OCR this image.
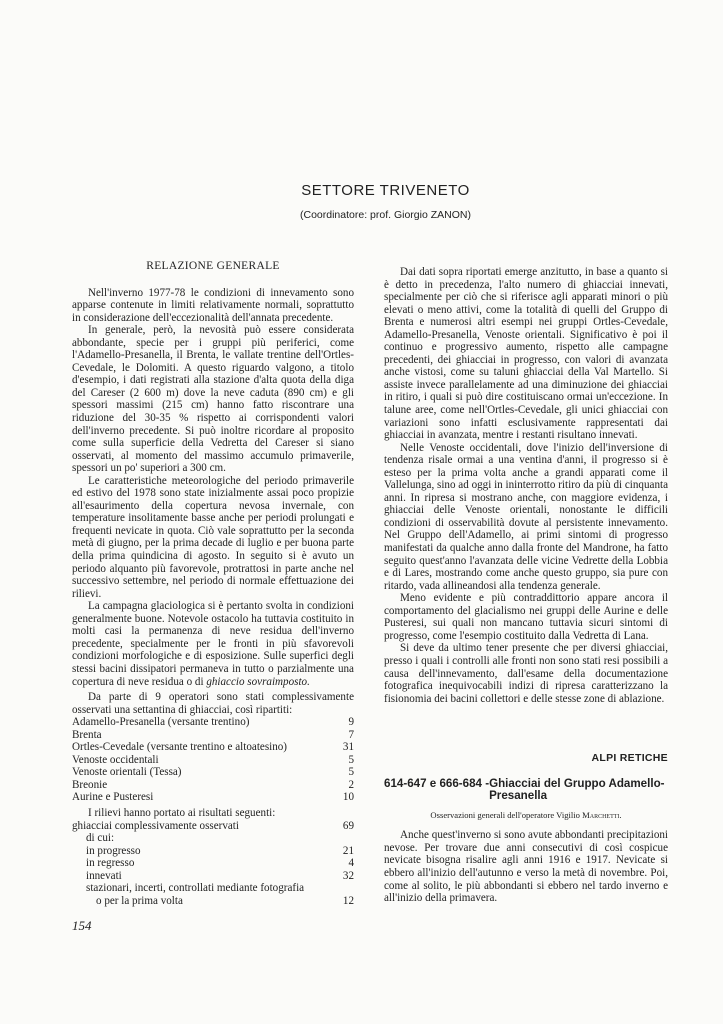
SETTORE TRIVENETO
(Coordinatore: prof. Giorgio ZANON)

RELAZIONE GENERALE

Nell'inverno 1977-78 le condizioni di innevamento sono apparse contenute in limiti relativamente normali, soprattutto in considerazione dell'eccezionalità dell'annata precedente.

In generale, però, la nevosità può essere considerata abbondante, specie per i gruppi più periferici, come l'Adamello-Presanella, il Brenta, le vallate trentine dell'Ortles-Cevedale, le Dolomiti. A questo riguardo valgono, a titolo d'esempio, i dati registrati alla stazione d'alta quota della diga del Careser (2 600 m) dove la neve caduta (890 cm) e gli spessori massimi (215 cm) hanno fatto riscontrare una riduzione del 30-35 % rispetto ai corrispondenti valori dell'inverno precedente. Si può inoltre ricordare al proposito come sulla superficie della Vedretta del Careser si siano osservati, al momento del massimo accumulo primaverile, spessori un po' superiori a 300 cm.

Le caratteristiche meteorologiche del periodo primaverile ed estivo del 1978 sono state inizialmente assai poco propizie all'esaurimento della copertura nevosa invernale, con temperature insolitamente basse anche per periodi prolungati e frequenti nevicate in quota. Ciò vale soprattutto per la seconda metà di giugno, per la prima decade di luglio e per buona parte della prima quindicina di agosto. In seguito si è avuto un periodo alquanto più favorevole, protrattosi in parte anche nel successivo settembre, nel periodo di normale effettuazione dei rilievi.

La campagna glaciologica si è pertanto svolta in condizioni generalmente buone. Notevole ostacolo ha tuttavia costituito in molti casi la permanenza di neve residua dell'inverno precedente, specialmente per le fronti in più sfavorevoli condizioni morfologiche e di esposizione. Sulle superfici degli stessi bacini dissipatori permaneva in tutto o parzialmente una copertura di neve residua o di ghiaccio sovraimposto.

Da parte di 9 operatori sono stati complessivamente osservati una settantina di ghiacciai, così ripartiti:

Adamello-Presanella (versante trentino)	9
Brenta	7
Ortles-Cevedale (versante trentino e altoatesino)	31
Venoste occidentali	5
Venoste orientali (Tessa)	5
Breonie	2
Aurine e Pusteresi	10

I rilievi hanno portato ai risultati seguenti:

ghiacciai complessivamente osservati	69
di cui:
in progresso	21
in regresso	4
innevati	32
stazionari, incerti, controllati mediante fotografia
o per la prima volta	12

Dai dati sopra riportati emerge anzitutto, in base a quanto si è detto in precedenza, l'alto numero di ghiacciai innevati, specialmente per ciò che si riferisce agli apparati minori o più elevati o meno attivi, come la totalità di quelli del Gruppo di Brenta e numerosi altri esempi nei gruppi Ortles-Cevedale, Adamello-Presanella, Venoste orientali. Significativo è poi il continuo e progressivo aumento, rispetto alle campagne precedenti, dei ghiacciai in progresso, con valori di avanzata anche vistosi, come su taluni ghiacciai della Val Martello. Si assiste invece parallelamente ad una diminuzione dei ghiacciai in ritiro, i quali si può dire costituiscano ormai un'eccezione. In talune aree, come nell'Ortles-Cevedale, gli unici ghiacciai con variazioni sono infatti esclusivamente rappresentati dai ghiacciai in avanzata, mentre i restanti risultano innevati.

Nelle Venoste occidentali, dove l'inizio dell'inversione di tendenza risale ormai a una ventina d'anni, il progresso si è esteso per la prima volta anche a grandi apparati come il Vallelunga, sino ad oggi in ininterrotto ritiro da più di cinquanta anni. In ripresa si mostrano anche, con maggiore evidenza, i ghiacciai delle Venoste orientali, nonostante le difficili condizioni di osservabilità dovute al persistente innevamento. Nel Gruppo dell'Adamello, ai primi sintomi di progresso manifestati da qualche anno dalla fronte del Mandrone, ha fatto seguito quest'anno l'avanzata delle vicine Vedrette della Lobbia e di Lares, mostrando come anche questo gruppo, sia pure con ritardo, vada allineandosi alla tendenza generale.

Meno evidente e più contraddittorio appare ancora il comportamento del glacialismo nei gruppi delle Aurine e delle Pusteresi, sui quali non mancano tuttavia sicuri sintomi di progresso, come l'esempio costituito dalla Vedretta di Lana.

Si deve da ultimo tener presente che per diversi ghiacciai, presso i quali i controlli alle fronti non sono stati resi possibili a causa dell'innevamento, dall'esame della documentazione fotografica inequivocabili indizi di ripresa caratterizzano la fisionomia dei bacini collettori e delle stesse zone di ablazione.

ALPI RETICHE
614-647 e 666-684 - Ghiacciai del Gruppo Adamello-Presanella
Osservazioni generali dell'operatore Vigilio Marchetti.

Anche quest'inverno si sono avute abbondanti precipitazioni nevose. Per trovare due anni consecutivi di così cospicue nevicate bisogna risalire agli anni 1916 e 1917. Nevicate si ebbero all'inizio dell'autunno e verso la metà di novembre. Poi, come al solito, le più abbondanti si ebbero nel tardo inverno e all'inizio della primavera.

154
